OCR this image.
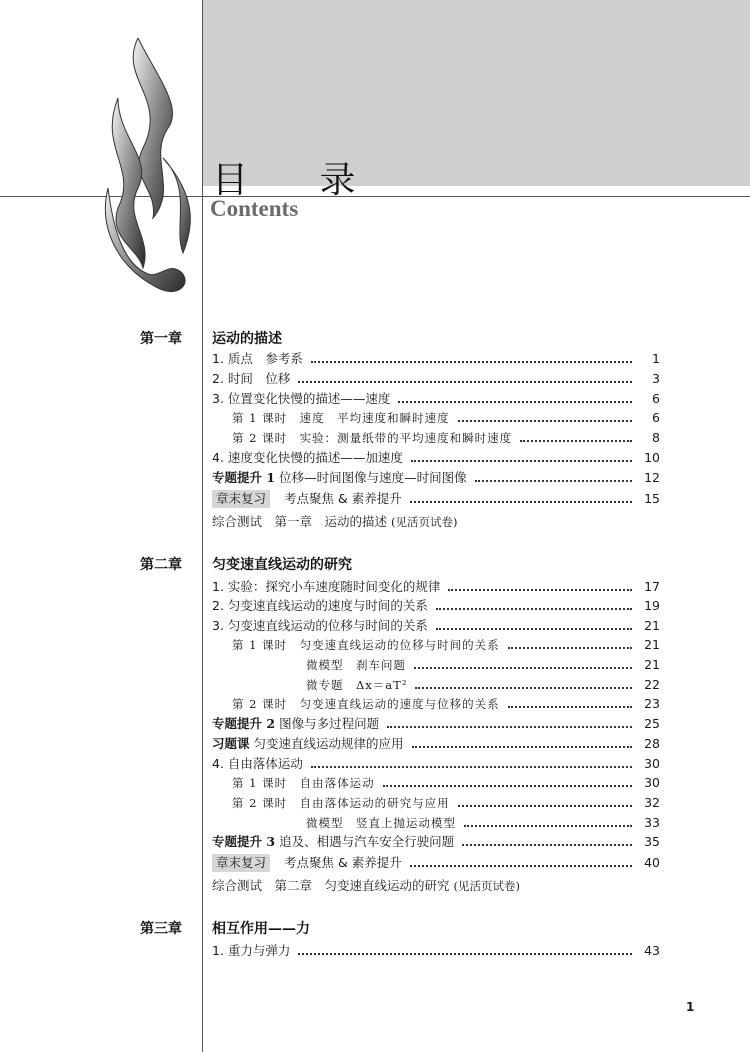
目 录
Contents
第一章 运动的描述
1. 质点　参考系	1
2. 时间　位移	3
3. 位置变化快慢的描述——速度	6
第 1 课时　速度　平均速度和瞬时速度	6
第 2 课时　实验：测量纸带的平均速度和瞬时速度	8
4. 速度变化快慢的描述——加速度	10
专题提升 1 位移—时间图像与速度—时间图像	12
章末复习	考点聚焦 & 素养提升	15
综合测试　第一章　运动的描述 (见活页试卷)
第二章 匀变速直线运动的研究
1. 实验：探究小车速度随时间变化的规律	17
2. 匀变速直线运动的速度与时间的关系	19
3. 匀变速直线运动的位移与时间的关系	21
第 1 课时　匀变速直线运动的位移与时间的关系	21
微模型　刹车问题	21
微专题　Δx＝aT²	22
第 2 课时　匀变速直线运动的速度与位移的关系	23
专题提升 2 图像与多过程问题	25
习题课 匀变速直线运动规律的应用	28
4. 自由落体运动	30
第 1 课时　自由落体运动	30
第 2 课时　自由落体运动的研究与应用	32
微模型　竖直上抛运动模型	33
专题提升 3 追及、相遇与汽车安全行驶问题	35
章末复习	考点聚焦 & 素养提升	40
综合测试　第二章　匀变速直线运动的研究 (见活页试卷)
第三章 相互作用——力
1. 重力与弹力	43
1
